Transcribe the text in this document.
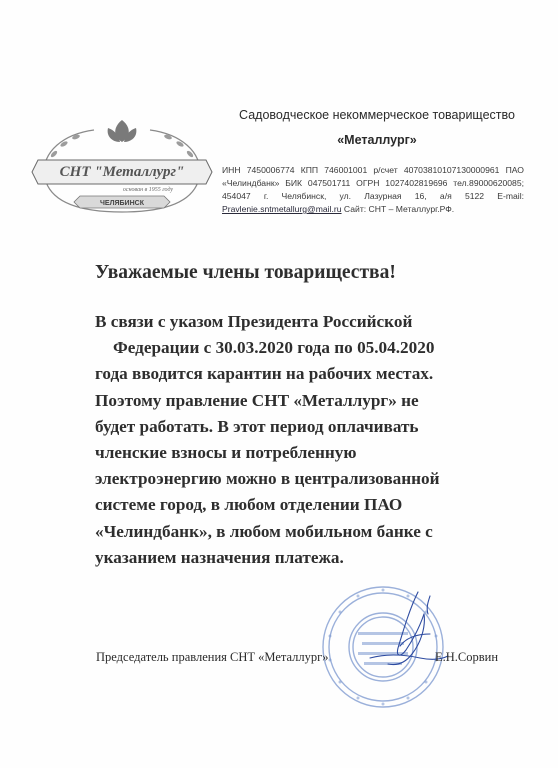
СНТ "Металлург"
основан в 1955 году
ЧЕЛЯБИНСК
Садоводческое некоммерческое товарищество
«Металлург»
ИНН 7450006774 КПП 746001001 р/счет 40703810107130000961 ПАО «Челиндбанк» БИК 047501711 ОГРН 1027402819696 тел.89000620085; 454047 г. Челябинск, ул. Лазурная 16, а/я 5122 E-mail: Pravlenie.sntmetallurg@mail.ru Сайт: СНТ – Металлург.РФ.
Уважаемые члены товарищества!
В связи с указом Президента Российской
Федерации с 30.03.2020 года по 05.04.2020
года вводится карантин на рабочих местах.
Поэтому правление СНТ «Металлург» не
будет работать. В этот период оплачивать
членские взносы и потребленную
электроэнергию можно в централизованной
системе город, в любом отделении ПАО
«Челиндбанк», в любом мобильном банке с
указанием назначения платежа.
Председатель правления СНТ «Металлург»	Е.Н.Сорвин
